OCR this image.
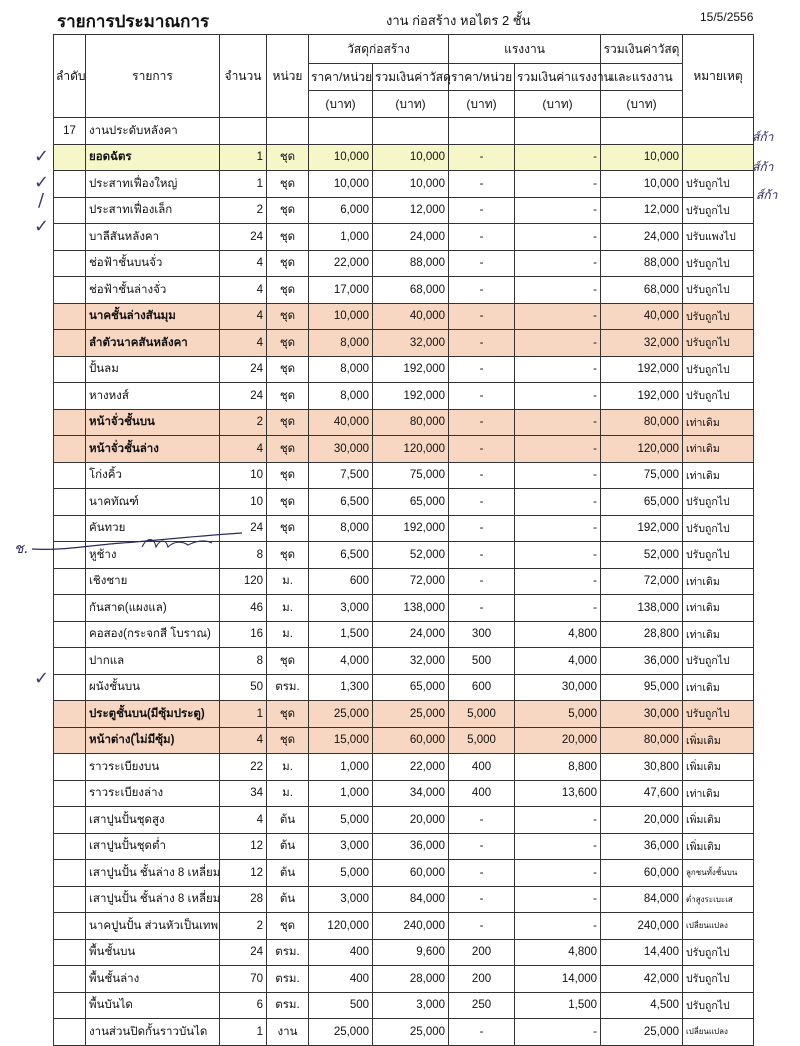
รายการประมาณการ	งาน ก่อสร้าง หอไตร 2 ชั้น	15/5/2556
ลำดับ	รายการ	จำนวน	หน่วย	วัสดุก่อสร้าง		แรงงาน		รวมเงินค่าวัสดุ	หมายเหตุ
				ราคา/หน่วย	รวมเงินค่าวัสดุ	ราคา/หน่วย	รวมเงินค่าแรงงาน	และแรงงาน	
				(บาท)	(บาท)	(บาท)	(บาท)	(บาท)	
17	งานประดับหลังคา								
	ยอดฉัตร	1	ชุด	10,000	10,000	-	-	10,000	
	ประสาทเฟื่องใหญ่	1	ชุด	10,000	10,000	-	-	10,000	ปรับถูกไป
	ประสาทเฟื่องเล็ก	2	ชุด	6,000	12,000	-	-	12,000	ปรับถูกไป
	บาลีสันหลังคา	24	ชุด	1,000	24,000	-	-	24,000	ปรับแพงไป
	ช่อฟ้าชั้นบนจั่ว	4	ชุด	22,000	88,000	-	-	88,000	ปรับถูกไป
	ช่อฟ้าชั้นล่างจั่ว	4	ชุด	17,000	68,000	-	-	68,000	ปรับถูกไป
	นาคชั้นล่างสันมุม	4	ชุด	10,000	40,000	-	-	40,000	ปรับถูกไป
	ลำตัวนาคสันหลังคา	4	ชุด	8,000	32,000	-	-	32,000	ปรับถูกไป
	ปั้นลม	24	ชุด	8,000	192,000	-	-	192,000	ปรับถูกไป
	หางหงส์	24	ชุด	8,000	192,000	-	-	192,000	ปรับถูกไป
	หน้าจั่วชั้นบน	2	ชุด	40,000	80,000	-	-	80,000	เท่าเดิม
	หน้าจั่วชั้นล่าง	4	ชุด	30,000	120,000	-	-	120,000	เท่าเดิม
	โก่งคิ้ว	10	ชุด	7,500	75,000	-	-	75,000	เท่าเดิม
	นาคทัณฑ์	10	ชุด	6,500	65,000	-	-	65,000	ปรับถูกไป
	คันทวย	24	ชุด	8,000	192,000	-	-	192,000	ปรับถูกไป
	หูช้าง	8	ชุด	6,500	52,000	-	-	52,000	ปรับถูกไป
	เชิงชาย	120	ม.	600	72,000	-	-	72,000	เท่าเดิม
	กันสาด(แผงแล)	46	ม.	3,000	138,000	-	-	138,000	เท่าเดิม
	คอสอง(กระจกสี โบราณ)	16	ม.	1,500	24,000	300	4,800	28,800	เท่าเดิม
	ปากแล	8	ชุด	4,000	32,000	500	4,000	36,000	ปรับถูกไป
	ผนังชั้นบน	50	ตรม.	1,300	65,000	600	30,000	95,000	เท่าเดิม
	ประตูชั้นบน(มีซุ้มประตู)	1	ชุด	25,000	25,000	5,000	5,000	30,000	ปรับถูกไป
	หน้าต่าง(ไม่มีซุ้ม)	4	ชุด	15,000	60,000	5,000	20,000	80,000	เพิ่มเติม
	ราวระเบียงบน	22	ม.	1,000	22,000	400	8,800	30,800	เพิ่มเติม
	ราวระเบียงล่าง	34	ม.	1,000	34,000	400	13,600	47,600	เท่าเดิม
	เสาปูนปั้นชุดสูง	4	ต้น	5,000	20,000	-	-	20,000	เพิ่มเติม
	เสาปูนปั้นชุดต่ำ	12	ต้น	3,000	36,000	-	-	36,000	เพิ่มเติม
	เสาปูนปั้น ชั้นล่าง 8 เหลี่ยม	12	ต้น	5,000	60,000	-	-	60,000	ลูกชนทั้งชั้นบน
	เสาปูนปั้น ชั้นล่าง 8 เหลี่ยม	28	ต้น	3,000	84,000	-	-	84,000	ต่ำสูงระเบะเส
	นาคปูนปั้น ส่วนหัวเป็นเทพ	2	ชุด	120,000	240,000	-	-	240,000	เปลี่ยนแปลง
	พื้นชั้นบน	24	ตรม.	400	9,600	200	4,800	14,400	ปรับถูกไป
	พื้นชั้นล่าง	70	ตรม.	400	28,000	200	14,000	42,000	ปรับถูกไป
	พื้นบันได	6	ตรม.	500	3,000	250	1,500	4,500	ปรับถูกไป
	งานส่วนปิดกั้นราวบันได	1	งาน	25,000	25,000	-	-	25,000	เปลี่ยนแปลง
✓
✓
/
✓
✓
ส์ก้า
ส์ก้า
ส์ก้า
ช.
